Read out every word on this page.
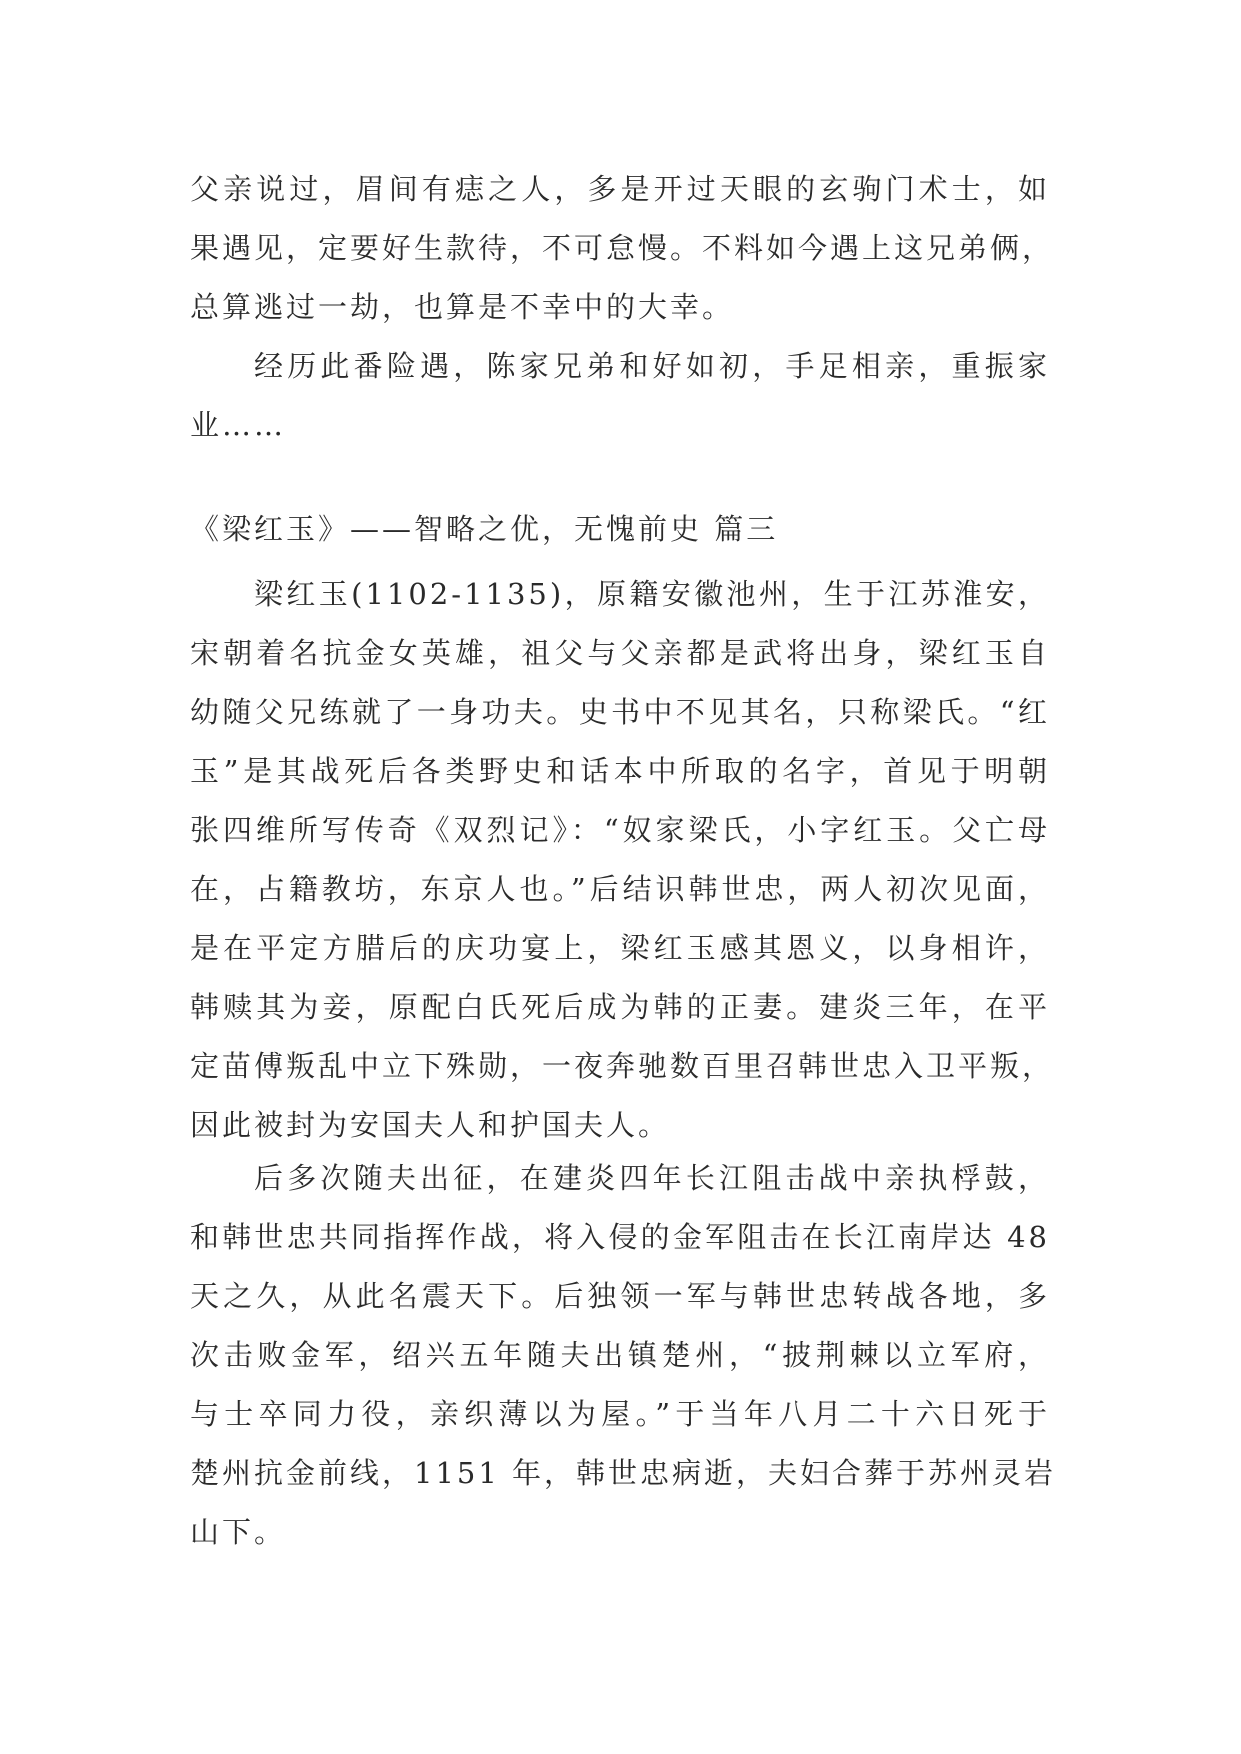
父亲说过，眉间有痣之人，多是开过天眼的玄驹门术士，如
果遇见，定要好生款待，不可怠慢。不料如今遇上这兄弟俩，
总算逃过一劫，也算是不幸中的大幸。
经历此番险遇，陈家兄弟和好如初，手足相亲，重振家
业……
《梁红玉》——智略之优，无愧前史 篇三
梁红玉(1102-1135)，原籍安徽池州，生于江苏淮安，
宋朝着名抗金女英雄，祖父与父亲都是武将出身，梁红玉自
幼随父兄练就了一身功夫。史书中不见其名，只称梁氏。“红
玉”是其战死后各类野史和话本中所取的名字，首见于明朝
张四维所写传奇《双烈记》：“奴家梁氏，小字红玉。父亡母
在，占籍教坊，东京人也。”后结识韩世忠，两人初次见面，
是在平定方腊后的庆功宴上，梁红玉感其恩义，以身相许，
韩赎其为妾，原配白氏死后成为韩的正妻。建炎三年，在平
定苗傅叛乱中立下殊勋，一夜奔驰数百里召韩世忠入卫平叛，
因此被封为安国夫人和护国夫人。
后多次随夫出征，在建炎四年长江阻击战中亲执桴鼓，
和韩世忠共同指挥作战，将入侵的金军阻击在长江南岸达 48
天之久，从此名震天下。后独领一军与韩世忠转战各地，多
次击败金军，绍兴五年随夫出镇楚州，“披荆棘以立军府，
与士卒同力役，亲织薄以为屋。”于当年八月二十六日死于
楚州抗金前线，1151 年，韩世忠病逝，夫妇合葬于苏州灵岩
山下。
